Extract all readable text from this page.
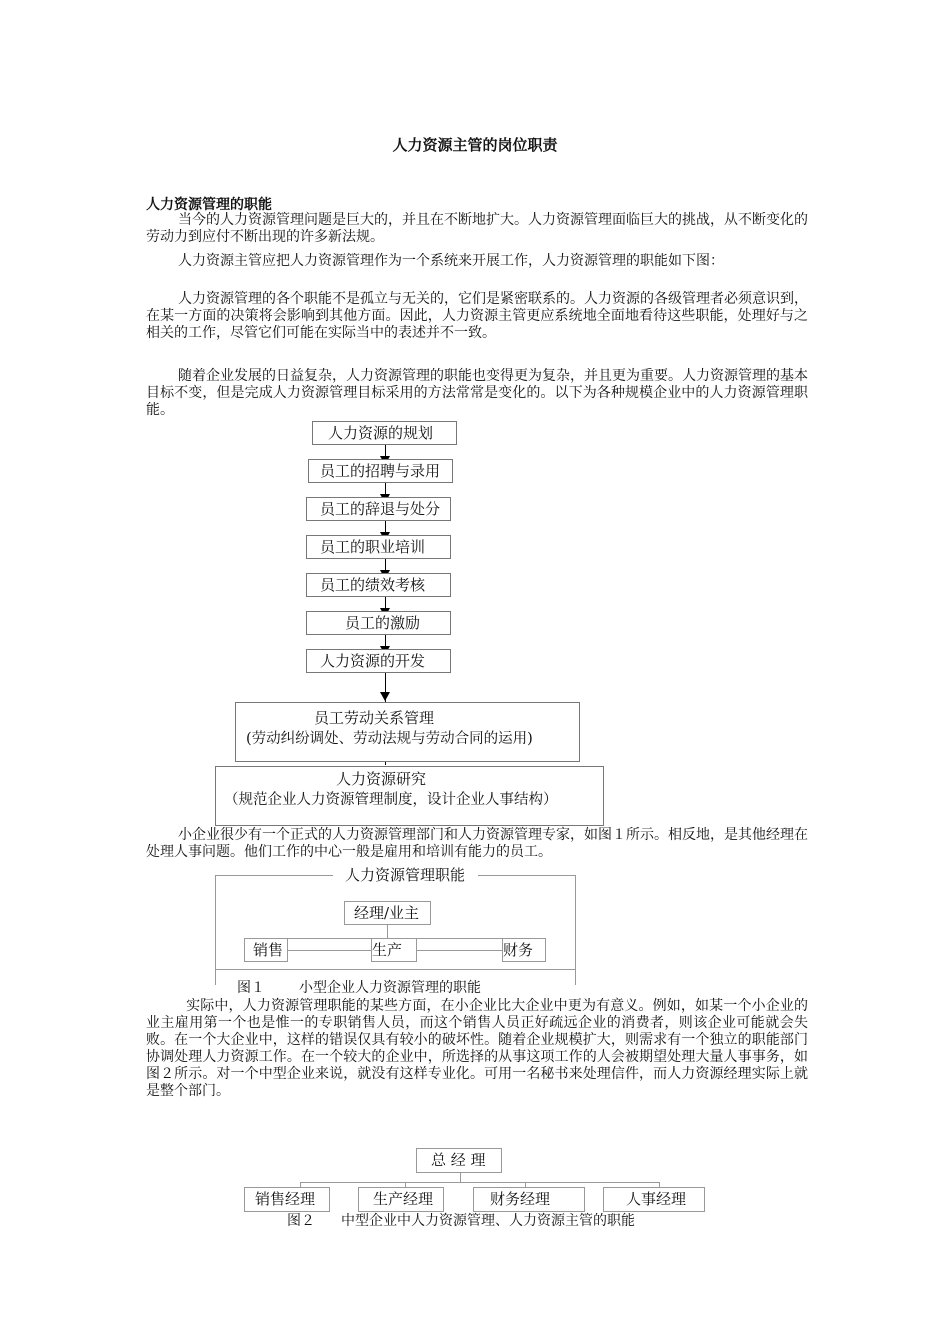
人力资源主管的岗位职责
人力资源管理的职能
当今的人力资源管理问题是巨大的，并且在不断地扩大。人力资源管理面临巨大的挑战，从不断变化的劳动力到应付不断出现的许多新法规。
人力资源主管应把人力资源管理作为一个系统来开展工作，人力资源管理的职能如下图：
人力资源管理的各个职能不是孤立与无关的，它们是紧密联系的。人力资源的各级管理者必须意识到，在某一方面的决策将会影响到其他方面。因此，人力资源主管更应系统地全面地看待这些职能，处理好与之相关的工作，尽管它们可能在实际当中的表述并不一致。
随着企业发展的日益复杂，人力资源管理的职能也变得更为复杂，并且更为重要。人力资源管理的基本目标不变，但是完成人力资源管理目标采用的方法常常是变化的。以下为各种规模企业中的人力资源管理职能。
人力资源的规划
员工的招聘与录用
员工的辞退与处分
员工的职业培训
员工的绩效考核
员工的激励
人力资源的开发
员工劳动关系管理
(劳动纠纷调处、劳动法规与劳动合同的运用)
人力资源研究
（规范企业人力资源管理制度，设计企业人事结构）
小企业很少有一个正式的人力资源管理部门和人力资源管理专家，如图１所示。相反地，是其他经理在处理人事问题。他们工作的中心一般是雇用和培训有能力的员工。
人力资源管理职能
经理/业主
销售	生产	财务
图１ 小型企业人力资源管理的职能
实际中，人力资源管理职能的某些方面，在小企业比大企业中更为有意义。例如，如某一个小企业的业主雇用第一个也是惟一的专职销售人员，而这个销售人员正好疏远企业的消费者，则该企业可能就会失败。在一个大企业中，这样的错误仅具有较小的破坏性。随着企业规模扩大，则需求有一个独立的职能部门协调处理人力资源工作。在一个较大的企业中，所选择的从事这项工作的人会被期望处理大量人事事务，如图２所示。对一个中型企业来说，就没有这样专业化。可用一名秘书来处理信件，而人力资源经理实际上就是整个部门。
总 经 理
销售经理	生产经理	财务经理	人事经理
图２ 中型企业中人力资源管理、人力资源主管的职能
